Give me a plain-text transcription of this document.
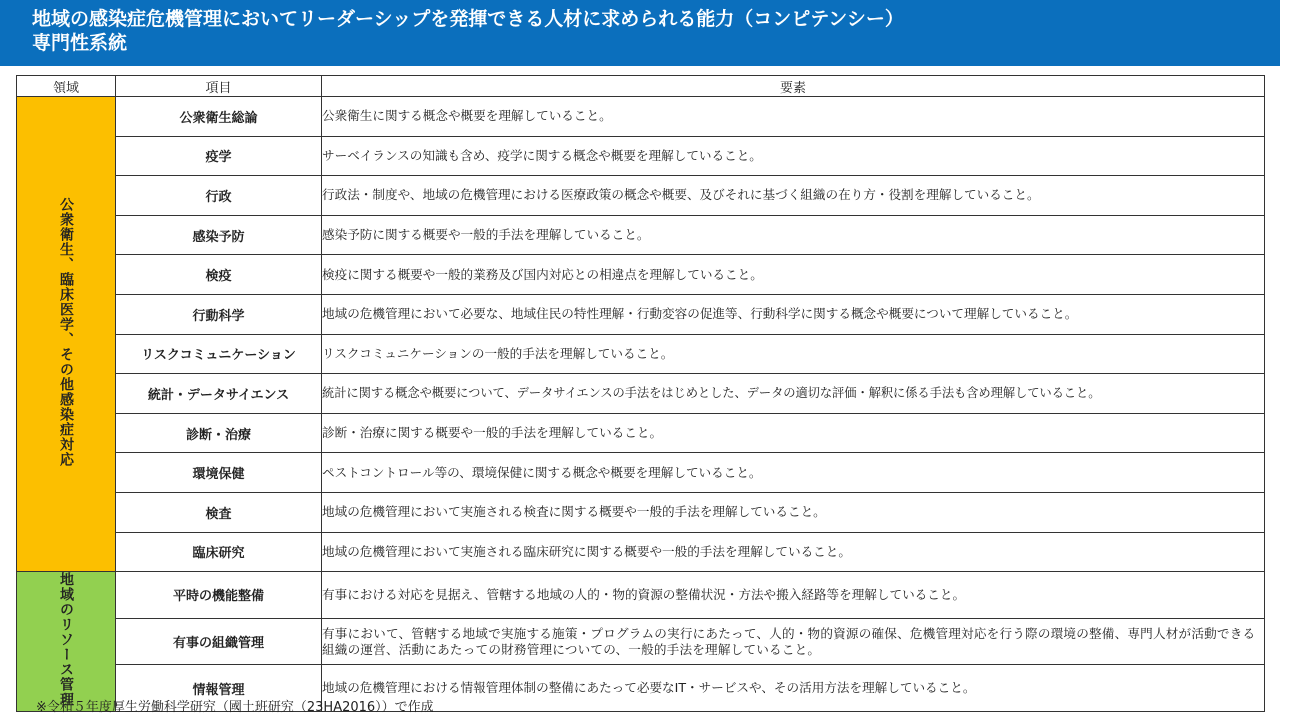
地域の感染症危機管理においてリーダーシップを発揮できる人材に求められる能力（コンピテンシー）
専門性系統
領域	項目	要素
公衆衛生、臨床医学、その他感染症対応	公衆衛生総論	公衆衛生に関する概念や概要を理解していること。
	疫学	サーベイランスの知識も含め、疫学に関する概念や概要を理解していること。
	行政	行政法・制度や、地域の危機管理における医療政策の概念や概要、及びそれに基づく組織の在り方・役割を理解していること。
	感染予防	感染予防に関する概要や一般的手法を理解していること。
	検疫	検疫に関する概要や一般的業務及び国内対応との相違点を理解していること。
	行動科学	地域の危機管理において必要な、地域住民の特性理解・行動変容の促進等、行動科学に関する概念や概要について理解していること。
	リスクコミュニケーション	リスクコミュニケーションの一般的手法を理解していること。
	統計・データサイエンス	統計に関する概念や概要について、データサイエンスの手法をはじめとした、データの適切な評価・解釈に係る手法も含め理解していること。
	診断・治療	診断・治療に関する概要や一般的手法を理解していること。
	環境保健	ペストコントロール等の、環境保健に関する概念や概要を理解していること。
	検査	地域の危機管理において実施される検査に関する概要や一般的手法を理解していること。
	臨床研究	地域の危機管理において実施される臨床研究に関する概要や一般的手法を理解していること。
地域のリソース管理	平時の機能整備	有事における対応を見据え、管轄する地域の人的・物的資源の整備状況・方法や搬入経路等を理解していること。
	有事の組織管理	有事において、管轄する地域で実施する施策・プログラムの実行にあたって、人的・物的資源の確保、危機管理対応を行う際の環境の整備、専門人材が活動できる組織の運営、活動にあたっての財務管理についての、一般的手法を理解していること。
	情報管理	地域の危機管理における情報管理体制の整備にあたって必要なIT・サービスや、その活用方法を理解していること。
※令和５年度厚生労働科学研究（國土班研究（23HA2016））で作成
